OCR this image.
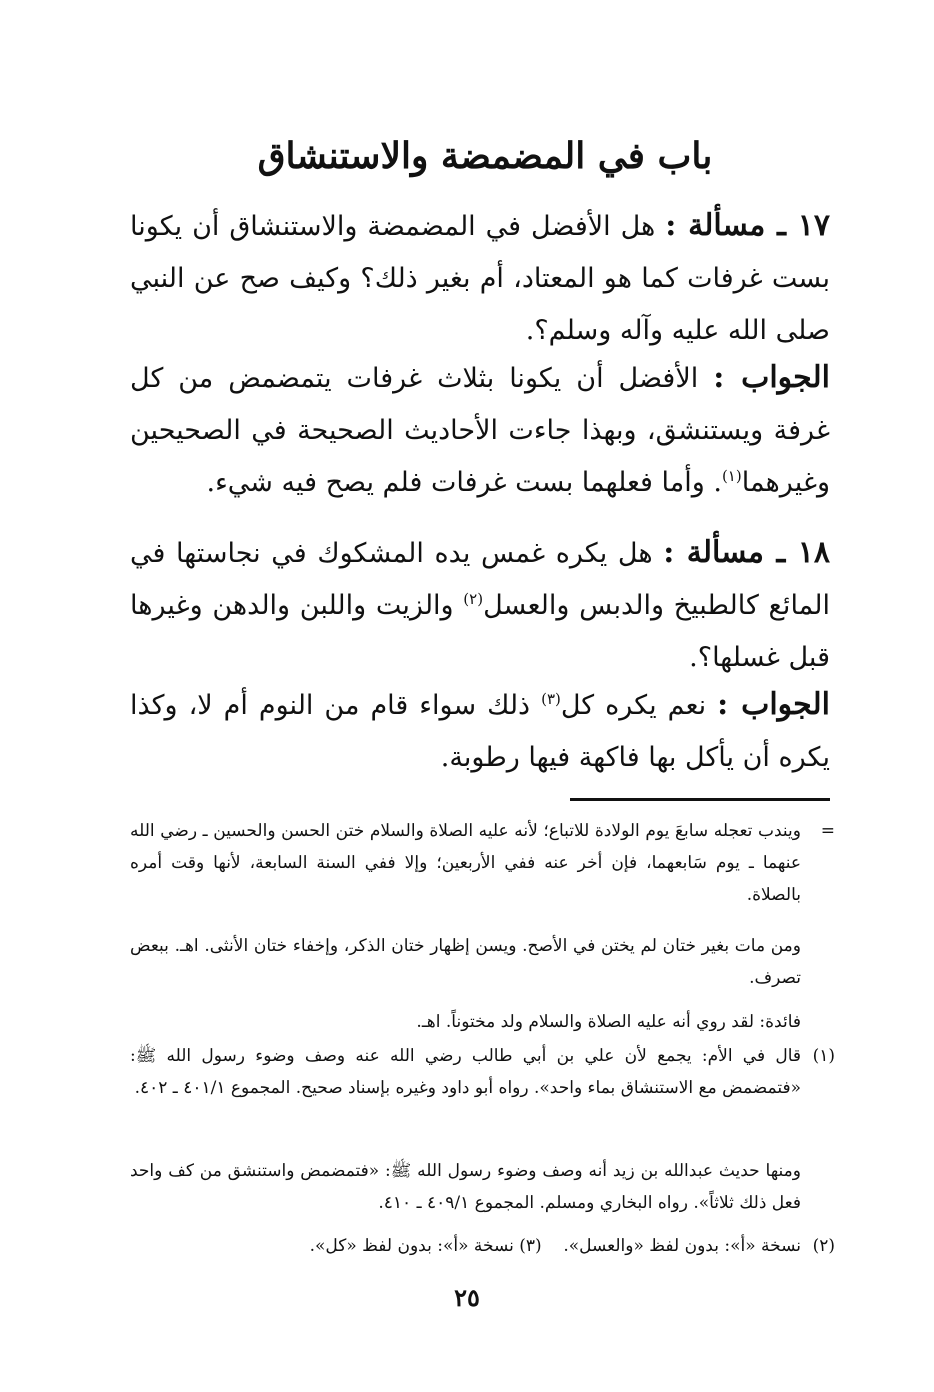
باب في المضمضة والاستنشاق

١٧ ـ مسألة : هل الأفضل في المضمضة والاستنشاق أن يكونا بست غرفات كما هو المعتاد، أم بغير ذلك؟ وكيف صح عن النبي صلى الله عليه وآله وسلم؟.

الجواب : الأفضل أن يكونا بثلاث غرفات يتمضمض من كل غرفة ويستنشق، وبهذا جاءت الأحاديث الصحيحة في الصحيحين وغيرهما$^{(١)}$. وأما فعلهما بست غرفات فلم يصح فيه شيء.

١٨ ـ مسألة : هل يكره غمس يده المشكوك في نجاستها في المائع كالطبيخ والدبس والعسل$^{(٢)}$ والزيت واللبن والدهن وغيرها قبل غسلها؟.

الجواب : نعم يكره كل$^{(٣)}$ ذلك سواء قام من النوم أم لا، وكذا يكره أن يأكل بها فاكهة فيها رطوبة.

=
ويندب تعجله سابعَ يوم الولادة للاتباع؛ لأنه عليه الصلاة والسلام ختن الحسن والحسين ـ رضي الله عنهما ـ يوم سَابعهما، فإن أخر عنه ففي الأربعين؛ وإلا ففي السنة السابعة، لأنها وقت أمره بالصلاة.
ومن مات بغير ختان لم يختن في الأصح. ويسن إظهار ختان الذكر، وإخفاء ختان الأنثى. اهـ. ببعض تصرف.
فائدة: لقد روي أنه عليه الصلاة والسلام ولد مختوناً. اهـ.
(١)
قال في الأم: يجمع لأن علي بن أبي طالب رضي الله عنه وصف وضوء رسول الله ﷺ: «فتمضمض مع الاستنشاق بماء واحد». رواه أبو داود وغيره بإسناد صحيح. المجموع ٤٠١/١ ـ ٤٠٢.
ومنها حديث عبدالله بن زيد أنه وصف وضوء رسول الله ﷺ: «فتمضمض واستنشق من كف واحد فعل ذلك ثلاثاً». رواه البخاري ومسلم. المجموع ٤٠٩/١ ـ ٤١٠.
(٢)
نسخة «أ»: بدون لفظ «والعسل».    (٣) نسخة «أ»: بدون لفظ «كل».
٢٥
